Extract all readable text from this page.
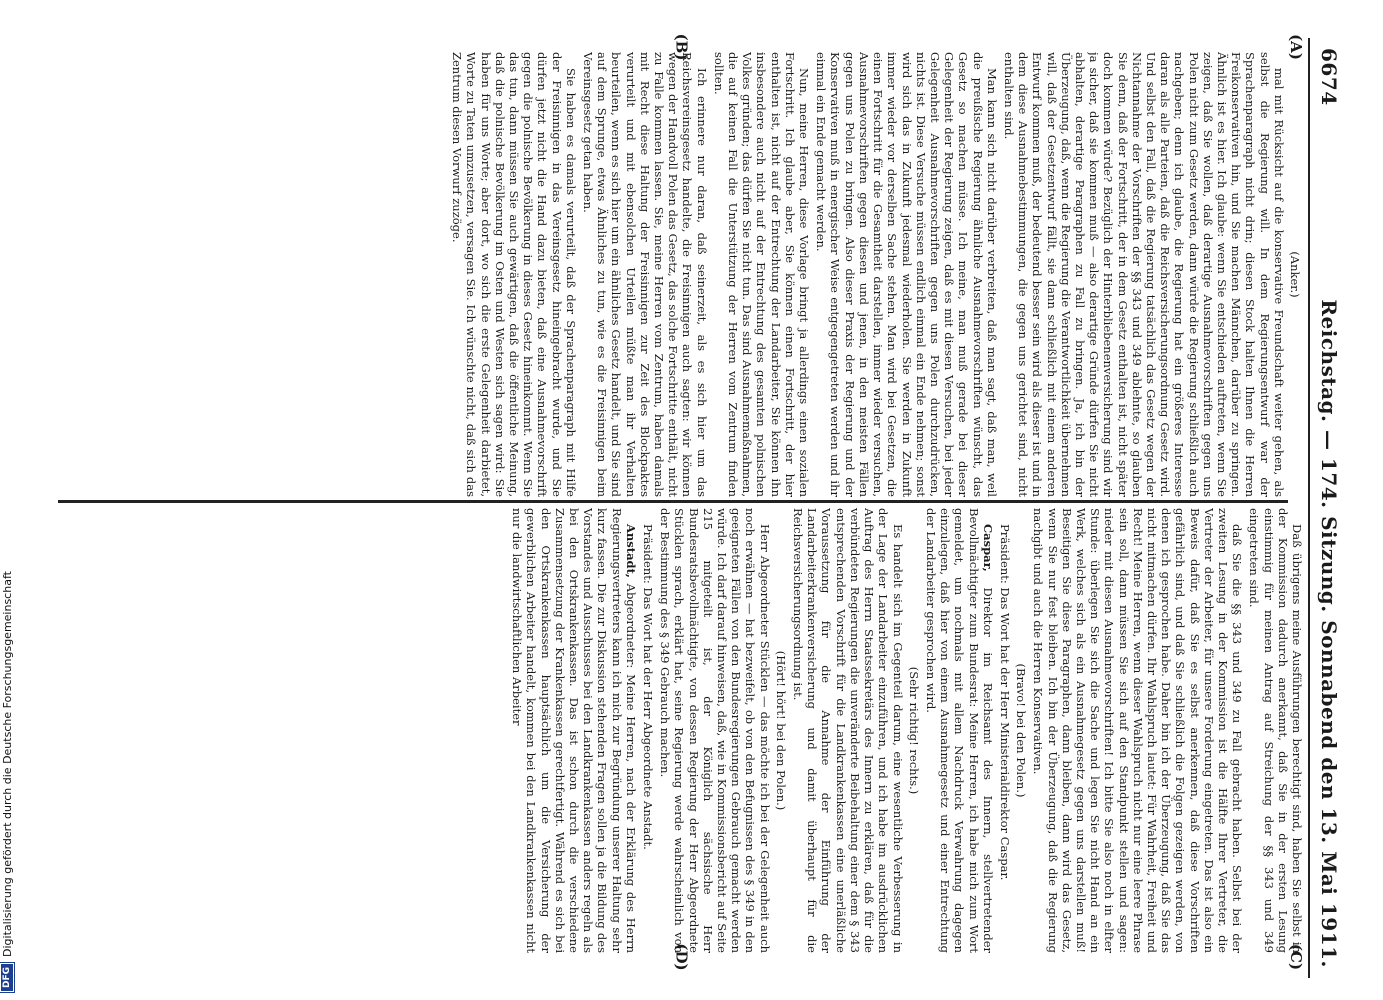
DFG
Digitalisierung gefördert durch die Deutsche Forschungsgemeinschaft
6674
Reichstag. — 174. Sitzung. Sonnabend den 13. Mai 1911.

(Anker.)

mal mit Rücksicht auf die konservative Freundschaft weiter gehen, als selbst die Regierung will. In dem Regierungsentwurf war der Sprachenparagraph nicht drin; diesen Stock halten Ihnen die Herren Freikonservativen hin, und Sie machen Männchen, darüber zu springen. Ähnlich ist es hier. Ich glaube: wenn Sie entschieden auftreten, wenn Sie zeigen, daß Sie wollen, daß derartige Ausnahmevorschriften gegen uns Polen nicht zum Gesetz werden, dann würde die Regierung schließlich auch nachgeben; denn ich glaube, die Regierung hat ein größeres Interesse daran als alle Parteien, daß die Reichsversicherungsordnung Gesetz wird. Und selbst den Fall, daß die Regierung tatsächlich das Gesetz wegen der Nichtannahme der Vorschriften der §§ 343 und 349 ablehnte, so glauben Sie denn, daß der Fortschritt, der in dem Gesetz enthalten ist, nicht später doch kommen würde? Bezüglich der Hinterbliebenenversicherung sind wir ja sicher, daß sie kommen muß — also derartige Gründe dürfen Sie nicht abhalten, derartige Paragraphen zu Fall zu bringen. Ja, ich bin der Überzeugung, daß, wenn die Regierung die Verantwortlichkeit übernehmen will, daß der Gesetzentwurf fällt, sie dann schließlich mit einem anderen Entwurf kommen muß, der bedeutend besser sein wird als dieser ist und in dem diese Ausnahmebestimmungen, die gegen uns gerichtet sind, nicht enthalten sind.

Man kann sich nicht darüber verbreiten, daß man sagt, daß man, weil die preußische Regierung ähnliche Ausnahmevorschriften wünscht, das Gesetz so machen müsse. Ich meine, man muß gerade bei dieser Gelegenheit der Regierung zeigen, daß es mit diesen Versuchen, bei jeder Gelegenheit Ausnahmevorschriften gegen uns Polen durchzudrücken, nichts ist. Diese Versuche müssen endlich einmal ein Ende nehmen; sonst wird sich das in Zukunft jedesmal wiederholen. Sie werden in Zukunft immer wieder vor derselben Sache stehen. Man wird bei Gesetzen, die einen Fortschritt für die Gesamtheit darstellen, immer wieder versuchen, Ausnahmevorschriften gegen diesen und jenen, in den meisten Fällen gegen uns Polen zu bringen. Also dieser Praxis der Regierung und der Konservativen muß in energischer Weise entgegengetreten werden und ihr einmal ein Ende gemacht werden.

Nun, meine Herren, diese Vorlage bringt ja allerdings einen sozialen Fortschritt. Ich glaube aber, Sie können einen Fortschritt, der hier enthalten ist, nicht auf der Entrechtung der Landarbeiter, Sie können ihn insbesondere auch nicht auf der Entrechtung des gesamten polnischen Volkes gründen; das dürfen Sie nicht tun. Das sind Ausnahmemaßnahmen, die auf keinen Fall die Unterstützung der Herren vom Zentrum finden sollten.

Ich erinnere nur daran, daß seinerzeit, als es sich hier um das Reichsvereinsgesetz handelte, die Freisinnigen auch sagten: wir können wegen der Handvoll Polen das Gesetz, das solche Fortschritte enthält, nicht zu Falle kommen lassen. Sie, meine Herren vom Zentrum, haben damals mit Recht diese Haltung der Freisinnigen zur Zeit des Blockpaktes verurteilt und mit ebensolchen Urteilen müßte man ihr Verhalten beurteilen, wenn es sich hier um ein ähnliches Gesetz handelt, und Sie sind auf dem Sprunge, etwas Ähnliches zu tun, wie es die Freisinnigen beim Vereinsgesetz getan haben.

Sie haben es damals verurteilt, daß der Sprachenparagraph mit Hilfe der Freisinnigen in das Vereinsgesetz hineingebracht wurde, und Sie dürfen jetzt nicht die Hand dazu bieten, daß eine Ausnahmevorschrift gegen die polnische Bevölkerung in dieses Gesetz hineinkommt. Wenn Sie das tun, dann müssen Sie auch gewärtigen, daß die öffentliche Meinung, daß die polnische Bevölkerung im Osten und Westen sich sagen wird: Sie haben für uns Worte; aber dort, wo sich die erste Gelegenheit darbietet, Worte zu Taten umzusetzen, versagen Sie. Ich wünschte nicht, daß sich das Zentrum diesen Vorwurf zuzöge.

Daß übrigens meine Ausführungen berechtigt sind, haben Sie selbst in der Kommission dadurch anerkannt, daß Sie in der ersten Lesung einstimmig für meinen Antrag auf Streichung der §§ 343 und 349 eingetreten sind.

daß Sie die §§ 343 und 349 zu Fall gebracht haben. Selbst bei der zweiten Lesung in der Kommission ist die Hälfte Ihrer Vertreter, die Vertreter der Arbeiter, für unsere Forderung eingetreten. Das ist also ein Beweis dafür, daß Sie es selbst anerkennen, daß diese Vorschriften gefährlich sind, und daß Sie schließlich die Folgen gezeigen werden, von denen ich gesprochen habe. Daher bin ich der Überzeugung, daß Sie das nicht mitmachen dürfen. Ihr Wahlspruch lautet: Für Wahrheit, Freiheit und Recht! Meine Herren, wenn dieser Wahlspruch nicht nur eine leere Phrase sein soll, dann müssen Sie sich auf den Standpunkt stellen und sagen: nieder mit diesen Ausnahmevorschriften! Ich bitte Sie also noch in elfter Stunde: überlegen Sie sich die Sache und legen Sie nicht Hand an ein Werk, welches sich als ein Ausnahmegesetz gegen uns darstellen muß! Beseitigen Sie diese Paragraphen, dann bleiben, dann wird das Gesetz, wenn Sie nur fest bleiben. Ich bin der Überzeugung, daß die Regierung nachgibt und auch die Herren Konservativen.

(Bravo! bei den Polen.)

Präsident: Das Wort hat der Herr Ministerialdirektor Caspar.

Caspar, Direktor im Reichsamt des Innern, stellvertretender Bevollmächtigter zum Bundesrat: Meine Herren, ich habe mich zum Wort gemeldet, um nochmals mit allem Nachdruck Verwahrung dagegen einzulegen, daß hier von einem Ausnahmegesetz und einer Entrechtung der Landarbeiter gesprochen wird.

(Sehr richtig! rechts.)

Es handelt sich im Gegenteil darum, eine wesentliche Verbesserung in der Lage der Landarbeiter einzuführen, und ich habe im ausdrücklichen Auftrag des Herrn Staatssekretärs des Innern zu erklären, daß für die verbündeten Regierungen die unveränderte Beibehaltung einer dem § 343 entsprechenden Vorschrift für die Landkrankenkassen eine unerläßliche Voraussetzung für die Annahme der Einführung der Landarbeiterkrankenversicherung und damit überhaupt für die Reichsversicherungsordnung ist.

(Hört! hört! bei den Polen.)

Herr Abgeordneter Stücklen — das möchte ich bei der Gelegenheit auch noch erwähnen — hat bezweifelt, ob von den Befugnissen des § 349 in den geeigneten Fällen von den Bundesregierungen Gebrauch gemacht werden würde. Ich darf darauf hinweisen, daß, wie in Kommissionsbericht auf Seite 215 mitgeteilt ist, der Königlich sächsische Herr Bundesratsbevollmächtigte, von dessen Regierung der Herr Abgeordnete Stücklen sprach, erklärt hat, seine Regierung werde wahrscheinlich von der Bestimmung des § 349 Gebrauch machen.

Präsident: Das Wort hat der Herr Abgeordnete Anstadt.

Anstadt, Abgeordneter: Meine Herren, nach der Erklärung des Herrn Regierungsvertreters kann ich mich zur Begründung unserer Haltung sehr kurz fassen. Die zur Diskussion stehenden Fragen sollen ja die Bildung des Vorstandes und Ausschusses bei den Landkrankenkassen anders regeln als bei den Ortskrankenkassen. Das ist schon durch die verschiedene Zusammensetzung der Krankenkassen gerechtfertigt. Während es sich bei den Ortskrankenkassen hauptsächlich um die Versicherung der gewerblichen Arbeiter handelt, kommen bei den Landkrankenkassen nicht nur die landwirtschaftlichen Arbeiter

(A)
(B)
(C)
(D)
